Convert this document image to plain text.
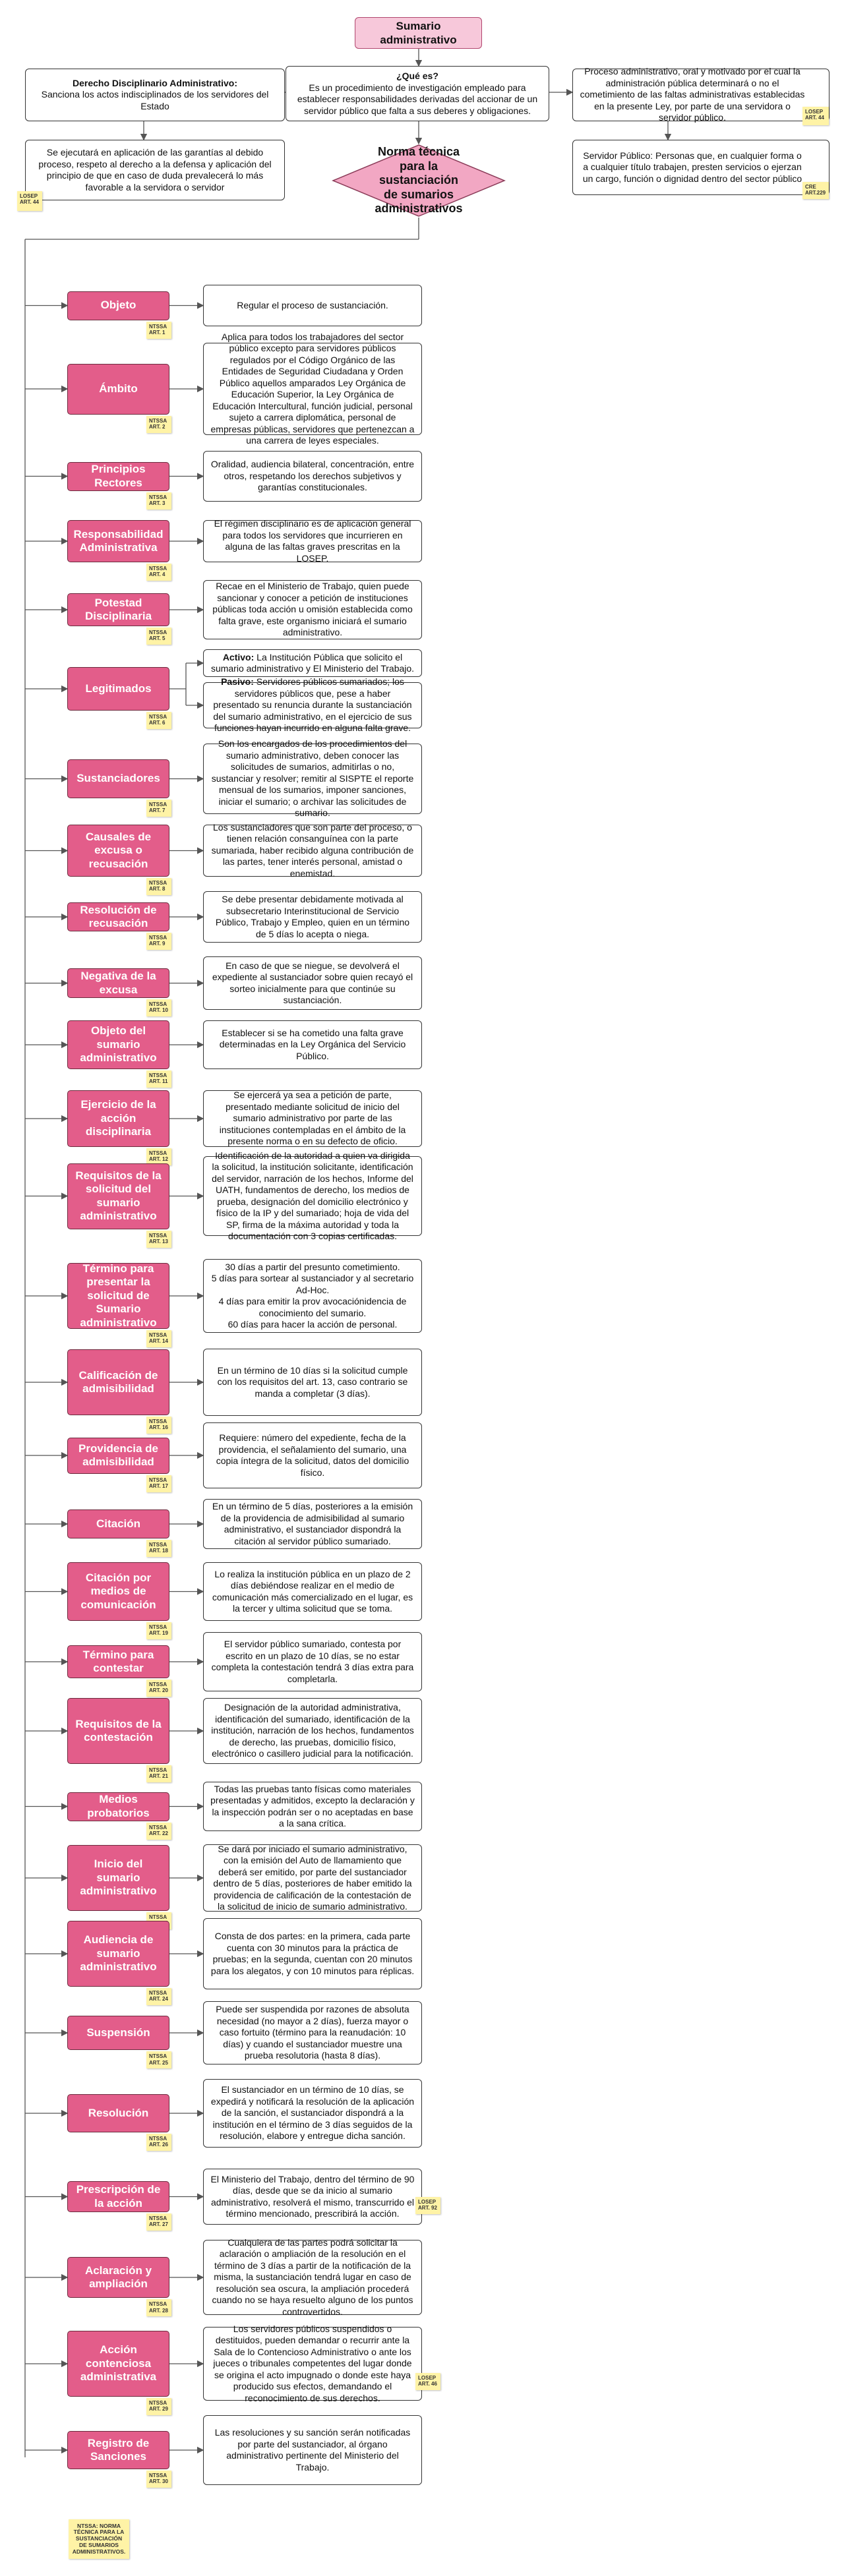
Sumario administrativo
¿Qué es?
Es un procedimiento de investigación empleado para establecer responsabilidades derivadas del accionar de un servidor público que falta a sus deberes y obligaciones.
Derecho Disciplinario Administrativo:
Sanciona los actos indisciplinados de los servidores del Estado
Se ejecutará en aplicación de las garantías al debido proceso, respeto al derecho a la defensa y aplicación del principio de que en caso de duda prevalecerá lo más favorable a la servidora o servidor
LOSEP ART. 44
Proceso administrativo, oral y motivado por el cual la administración pública determinará o no el cometimiento de las faltas administrativas establecidas en la presente Ley, por parte de una servidora o servidor público.
LOSEP ART. 44
Servidor Público: Personas que, en cualquier forma o a cualquier título trabajen, presten servicios o ejerzan un cargo, función o dignidad dentro del sector público
CRE ART.229
Norma técnica para la sustanciación de sumarios administrativos
Objeto
NTSSA ART. 1
Regular el proceso de sustanciación.
Ámbito
NTSSA ART. 2
Aplica para todos los trabajadores del sector público excepto para servidores públicos regulados por el Código Orgánico de las Entidades de Seguridad Ciudadana y Orden Público aquellos amparados Ley Orgánica de Educación Superior, la Ley Orgánica de Educación Intercultural, función judicial, personal sujeto a carrera diplomática, personal de empresas públicas, servidores que pertenezcan a una carrera de leyes especiales.
Principios Rectores
NTSSA ART. 3
Oralidad, audiencia bilateral, concentración, entre otros, respetando los derechos subjetivos y garantías constitucionales.
Responsabilidad Administrativa
NTSSA ART. 4
El régimen disciplinario es de aplicación general para todos los servidores que incurrieren en alguna de las faltas graves prescritas en la LOSEP.
Potestad Disciplinaria
NTSSA ART. 5
Recae en el Ministerio de Trabajo, quien puede sancionar y conocer a petición de instituciones públicas toda acción u omisión establecida como falta grave, este organismo iniciará el sumario administrativo.
Legitimados
NTSSA ART. 6
Activo: La Institución Pública que solicito el sumario administrativo y El Ministerio del Trabajo.
Pasivo: Servidores públicos sumariados; los servidores públicos que, pese a haber presentado su renuncia durante la sustanciación del sumario administrativo, en el ejercicio de sus funciones hayan incurrido en alguna falta grave.
Sustanciadores
NTSSA ART. 7
Son los encargados de los procedimientos del sumario administrativo, deben conocer las solicitudes de sumarios, admitirlas o no, sustanciar y resolver; remitir al SISPTE el reporte mensual de los sumarios, imponer sanciones, iniciar el sumario; o archivar las solicitudes de sumario.
Causales de excusa o recusación
NTSSA ART. 8
Los sustanciadores que son parte del proceso, o tienen relación consanguínea con la parte sumariada, haber recibido alguna contribución de las partes, tener interés personal, amistad o enemistad.
Resolución de recusación
NTSSA ART. 9
Se debe presentar debidamente motivada al subsecretario Interinstitucional de Servicio Público, Trabajo y Empleo, quien en un término de 5 días lo acepta o niega.
Negativa de la excusa
NTSSA ART. 10
En caso de que se niegue, se devolverá el expediente al sustanciador sobre quien recayó el sorteo inicialmente para que continúe su sustanciación.
Objeto del sumario administrativo
NTSSA ART. 11
Establecer si se ha cometido una falta grave determinadas en la Ley Orgánica del Servicio Público.
Ejercicio de la acción disciplinaria
NTSSA ART. 12
Se ejercerá ya sea a petición de parte, presentado mediante solicitud de inicio del sumario administrativo por parte de las instituciones contempladas en el ámbito de la presente norma o en su defecto de oficio.
Requisitos de la solicitud del sumario administrativo
NTSSA ART. 13
Identificación de la autoridad a quien va dirigida la solicitud, la institución solicitante, identificación del servidor, narración de los hechos, Informe del UATH, fundamentos de derecho, los medios de prueba, designación del domicilio electrónico y físico de la IP y del sumariado; hoja de vida del SP, firma de la máxima autoridad y toda la documentación con 3 copias certificadas.
Término para presentar la solicitud de Sumario administrativo
NTSSA ART. 14
30 días a partir del presunto cometimiento.
5 días para sortear al sustanciador y al secretario Ad-Hoc.
4 días para emitir la prov avocaciónidencia de conocimiento del sumario.
60 días para hacer la acción de personal.
Calificación de admisibilidad
NTSSA ART. 16
En un término de 10 días si la solicitud cumple con los requisitos del art. 13, caso contrario se manda a completar (3 días).
Providencia de admisibilidad
NTSSA ART. 17
Requiere: número del expediente, fecha de la providencia, el señalamiento del sumario, una copia íntegra de la solicitud, datos del domicilio físico.
Citación
NTSSA ART. 18
En un término de 5 días, posteriores a la emisión de la providencia de admisibilidad al sumario administrativo, el sustanciador dispondrá la citación al servidor público sumariado.
Citación por medios de comunicación
NTSSA ART. 19
Lo realiza la institución pública en un plazo de 2 días debiéndose realizar en el medio de comunicación más comercializado en el lugar, es la tercer y ultima solicitud que se toma.
Término para contestar
NTSSA ART. 20
El servidor público sumariado, contesta por escrito en un plazo de 10 días, se no estar completa la contestación tendrá 3 días extra para completarla.
Requisitos de la contestación
NTSSA ART. 21
Designación de la autoridad administrativa, identificación del sumariado, identificación de la institución, narración de los hechos, fundamentos de derecho, las pruebas, domicilio físico, electrónico o casillero judicial para la notificación.
Medios probatorios
NTSSA ART. 22
Todas las pruebas tanto físicas como materiales presentadas y admitidos, excepto la declaración y la inspección podrán ser o no aceptadas en base a la sana crítica.
Inicio del sumario administrativo
NTSSA
Se dará por iniciado el sumario administrativo, con la emisión del Auto de llamamiento que deberá ser emitido, por parte del sustanciador dentro de 5 días, posteriores de haber emitido la providencia de calificación de la contestación de la solicitud de inicio de sumario administrativo.
Audiencia de sumario administrativo
NTSSA ART. 24
Consta de dos partes: en la primera, cada parte cuenta con 30 minutos para la práctica de pruebas; en la segunda, cuentan con 20 minutos para los alegatos, y con 10 minutos para réplicas.
Suspensión
NTSSA ART. 25
Puede ser suspendida por razones de absoluta necesidad (no mayor a 2 días), fuerza mayor o caso fortuito (término para la reanudación: 10 días) y cuando el sustanciador muestre una prueba resolutoria (hasta 8 días).
Resolución
NTSSA ART. 26
El sustanciador en un término de 10 días, se expedirá y notificará la resolución de la aplicación de la sanción, el sustanciador dispondrá a la institución en el término de 3 días seguidos de la resolución, elabore y entregue dicha sanción.
Prescripción de la acción
NTSSA ART. 27
El Ministerio del Trabajo, dentro del término de 90 días, desde que se da inicio al sumario administrativo, resolverá el mismo, transcurrido el término mencionado, prescribirá la acción.
LOSEP ART. 92
Aclaración y ampliación
NTSSA ART. 28
Cualquiera de las partes podrá solicitar la aclaración o ampliación de la resolución en el término de 3 días a partir de la notificación de la misma, la sustanciación tendrá lugar en caso de resolución sea oscura, la ampliación procederá cuando no se haya resuelto alguno de los puntos controvertidos.
Acción contenciosa administrativa
NTSSA ART. 29
Los servidores públicos suspendidos o destituidos, pueden demandar o recurrir ante la Sala de lo Contencioso Administrativo o ante los jueces o tribunales competentes del lugar donde se origina el acto impugnado o donde este haya producido sus efectos, demandando el reconocimiento de sus derechos.
LOSEP ART. 46
Registro de Sanciones
NTSSA ART. 30
Las resoluciones y su sanción serán notificadas por parte del sustanciador, al órgano administrativo pertinente del Ministerio del Trabajo.
NTSSA: NORMA TÉCNICA PARA LA SUSTANCIACIÓN DE SUMARIOS ADMINISTRATIVOS.
